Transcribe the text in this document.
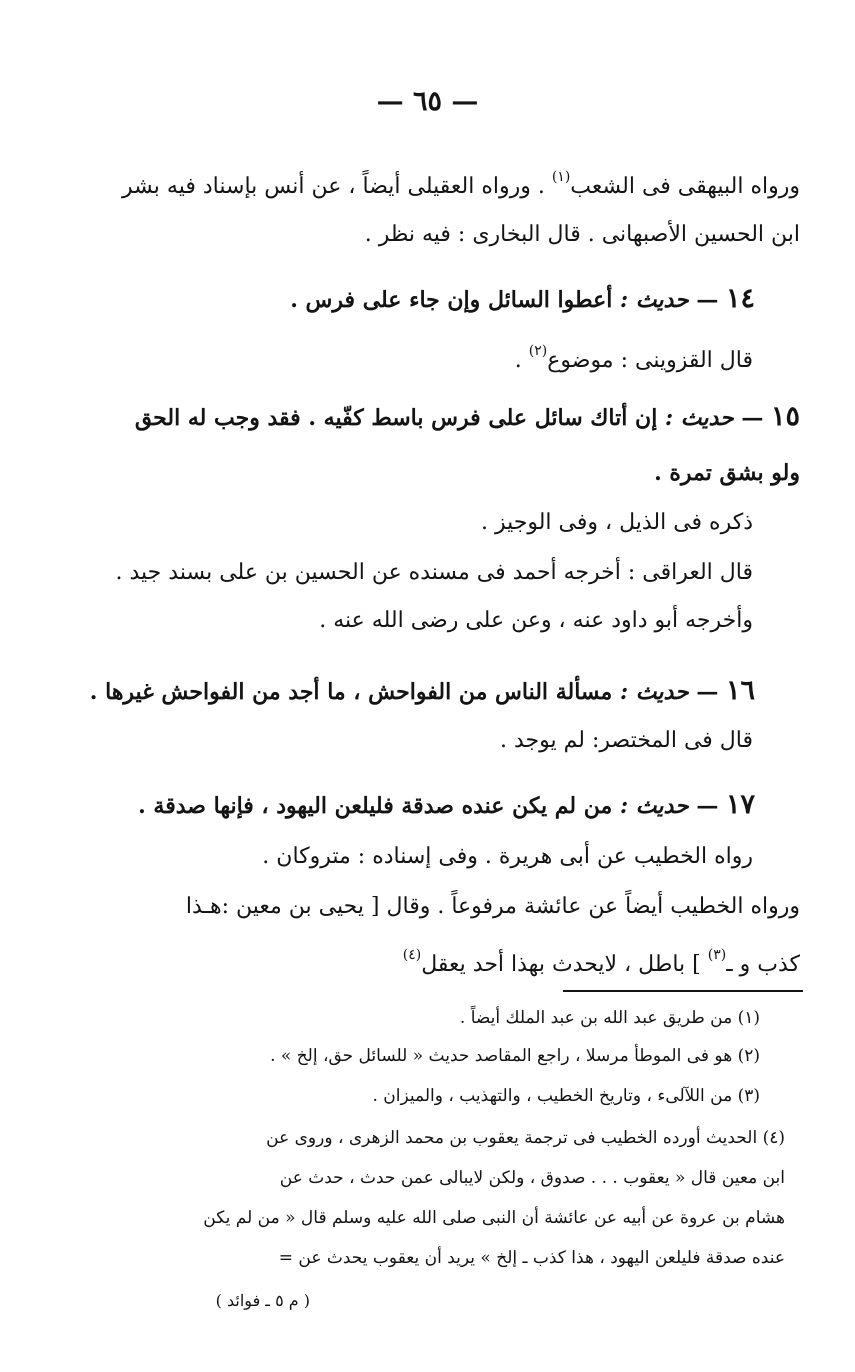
— ٦٥ —
ورواه البيهقى فى الشعب$^{(١)}$ . ورواه العقيلى أيضاً ، عن أنس بإسناد فيه بشر
ابن الحسين الأصبهانى . قال البخارى : فيه نظر .
١٤ — حديث : أعطوا السائل وإن جاء على فرس .
قال القزوينى : موضوع$^{(٢)}$ .
١٥ — حديث : إن أتاك سائل على فرس باسط كفّيه . فقد وجب له الحق
ولو بشق تمرة .
ذكره فى الذيل ، وفى الوجيز .
قال العراقى : أخرجه أحمد فى مسنده عن الحسين بن على بسند جيد .
وأخرجه أبو داود عنه ، وعن على رضى الله عنه .
١٦ — حديث : مسألة الناس من الفواحش ، ما أجد من الفواحش غيرها .
قال فى المختصر: لم يوجد .
١٧ — حديث : من لم يكن عنده صدقة فليلعن اليهود ، فإنها صدقة .
رواه الخطيب عن أبى هريرة . وفى إسناده : متروكان .
ورواه الخطيب أيضاً عن عائشة مرفوعاً . وقال [ يحيى بن معين :هـذا
كذب و ـ$^{(٣)}$ ] باطل ، لايحدث بهذا أحد يعقل$^{(٤)}$
(١) من طريق عبد الله بن عبد الملك أيضاً .
(٢) هو فى الموطأ مرسلا ، راجع المقاصد حديث « للسائل حق، إلخ » .
(٣) من اللآلىء ، وتاريخ الخطيب ، والتهذيب ، والميزان .
(٤) الحديث أورده الخطيب فى ترجمة يعقوب بن محمد الزهرى ، وروى عن
ابن معين قال « يعقوب . . . صدوق ، ولكن لايبالى عمن حدث ، حدث عن
هشام بن عروة عن أبيه عن عائشة أن النبى صلى الله عليه وسلم قال « من لم يكن
عنده صدقة فليلعن اليهود ، هذا كذب ـ إلخ » يريد أن يعقوب يحدث عن =
( م ٥ ـ فوائد )
